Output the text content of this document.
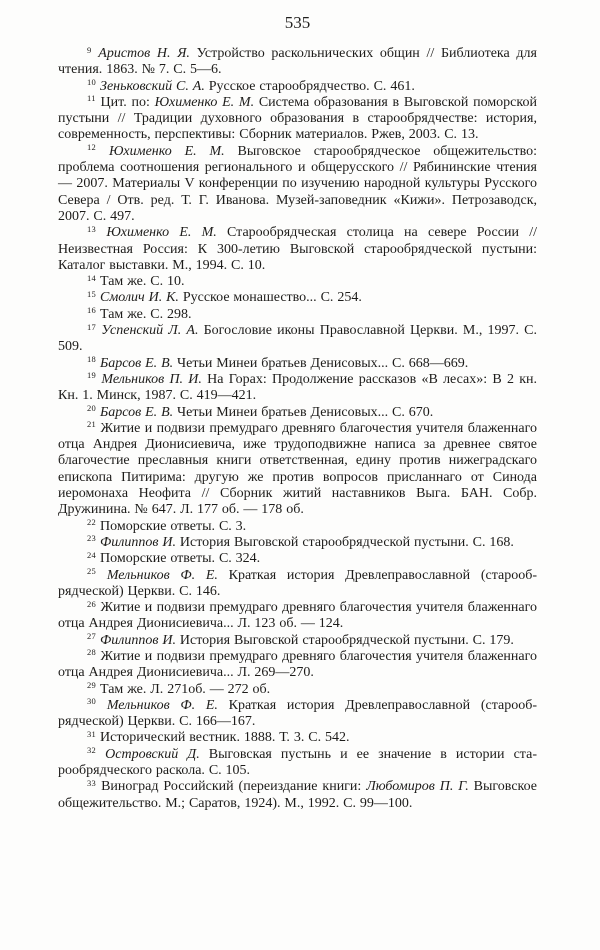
$^9$ Аристов Н. Я. Устройство раскольнических общин // Библиотека для чтения. 1863. № 7. С. 5—6.

$^{10}$ Зеньковский С. А. Русское старообрядчество. С. 461.

$^{11}$ Цит. по: Юхименко Е. М. Система образования в Выговской поморской пустыни // Традиции духовного образования в старообрядчестве: история, современность, перспективы: Сборник материалов. Ржев, 2003. С. 13.

$^{12}$ Юхименко Е. М. Выговское старообрядческое общежительство: проблема соотношения регионального и общерусского // Рябининские чтения — 2007. Материалы V конференции по изучению народной культуры Русского Севера / Отв. ред. Т. Г. Иванова. Музей-заповедник «Кижи». Петрозаводск, 2007. С. 497.

$^{13}$ Юхименко Е. М. Старообрядческая столица на севере России // Неизвестная Россия: К 300-летию Выговской старообрядческой пустыни: Каталог выставки. М., 1994. С. 10.

$^{14}$ Там же. С. 10.

$^{15}$ Смолич И. К. Русское монашество... С. 254.

$^{16}$ Там же. С. 298.

$^{17}$ Успенский Л. А. Богословие иконы Православной Церкви. М., 1997. С. 509.

$^{18}$ Барсов Е. В. Четьи Минеи братьев Денисовых... С. 668—669.

$^{19}$ Мельников П. И. На Горах: Продолжение рассказов «В лесах»: В 2 кн. Кн. 1. Минск, 1987. С. 419—421.

$^{20}$ Барсов Е. В. Четьи Минеи братьев Денисовых... С. 670.

$^{21}$ Житие и подвизи премудраго древняго благочестия учителя блаженнаго отца Андрея Дионисиевича, иже трудоподвижне написа за древнее святое благочестие преславныя книги ответственная, едину против нижеградскаго епископа Питирима: другую же против вопросов присланнаго от Синода иеромонаха Неофита // Сборник житий наставников Выга. БАН. Собр. Дружинина. № 647. Л. 177 об. — 178 об.

$^{22}$ Поморские ответы. С. 3.

$^{23}$ Филиппов И. История Выговской старообрядческой пустыни. С. 168.

$^{24}$ Поморские ответы. С. 324.

$^{25}$ Мельников Ф. Е. Краткая история Древлеправославной (старообрядческой) Церкви. С. 146.

$^{26}$ Житие и подвизи премудраго древняго благочестия учителя блаженнаго отца Андрея Дионисиевича... Л. 123 об. — 124.

$^{27}$ Филиппов И. История Выговской старообрядческой пустыни. С. 179.

$^{28}$ Житие и подвизи премудраго древняго благочестия учителя блаженнаго отца Андрея Дионисиевича... Л. 269—270.

$^{29}$ Там же. Л. 271об. — 272 об.

$^{30}$ Мельников Ф. Е. Краткая история Древлеправославной (старообрядческой) Церкви. С. 166—167.

$^{31}$ Исторический вестник. 1888. Т. 3. С. 542.

$^{32}$ Островский Д. Выговская пустынь и ее значение в истории старообрядческого раскола. С. 105.

$^{33}$ Виноград Российский (переиздание книги: Любомиров П. Г. Выговское общежительство. М.; Саратов, 1924). М., 1992. С. 99—100.

535
